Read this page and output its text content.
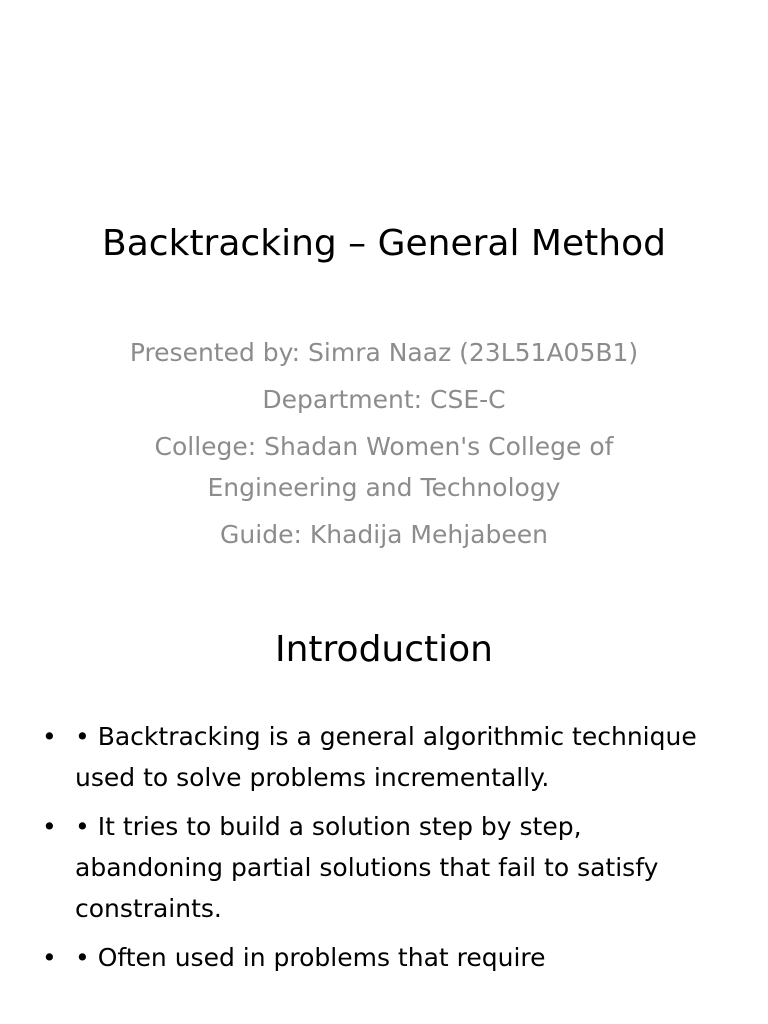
Backtracking – General Method

Presented by: Simra Naaz (23L51A05B1)

Department: CSE-C

College: Shadan Women's College of Engineering and Technology

Guide: Khadija Mehjabeen

Introduction
• • Backtracking is a general algorithmic technique used to solve problems incrementally.
• • It tries to build a solution step by step, abandoning partial solutions that fail to satisfy constraints.
• • Often used in problems that require
